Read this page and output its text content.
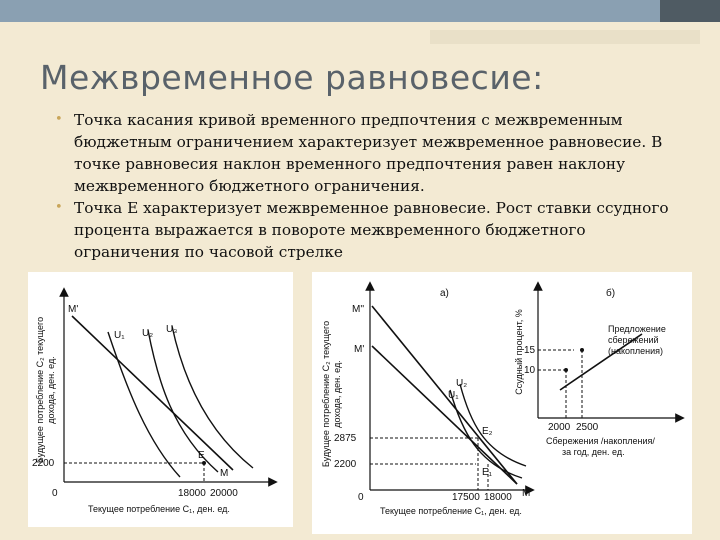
Межвременное равновесие:
• Точка касания кривой временного предпочтения с межвременным бюджетным ограничением характеризует межвременное равновесие. В точке равновесия наклон временного предпочтения равен наклону межвременного бюджетного ограничения.
• Точка E характеризует межвременное равновесие. Рост ставки ссудного процента выражается в повороте межвременного бюджетного ограничения по часовой стрелке
Будущее потребление С₂ текущего дохода, ден. ед.
0
M'
U₁ U₂ U₃
E
M
2200
18000 20000
Текущее потребление С₁, ден. ед.
a)
Будущее потребление С₂ текущего дохода, ден. ед.
0
M''
M'
U₁
U₂
E₂
E₁
2875
2200
17500 18000 M
Текущее потребление С₁, ден. ед.
б)
Ссудный процент, % 15
10
2000 2500
Предложение
сбережений
(накопления)
Сбережения /накопления/
за год, ден. ед.
